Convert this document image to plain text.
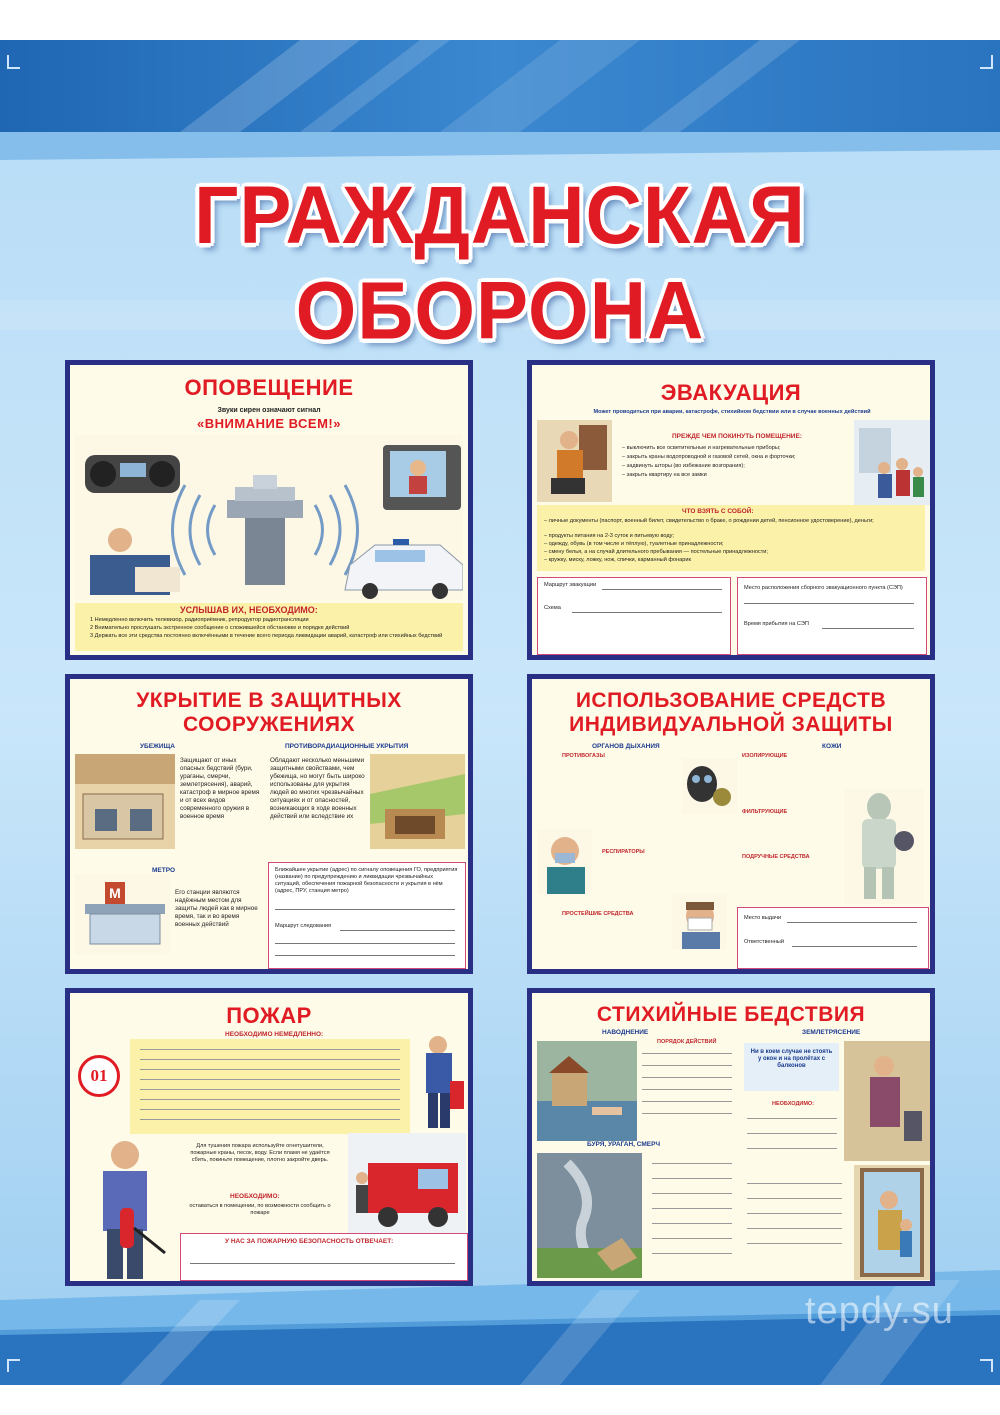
ГРАЖДАНСКАЯ ОБОРОНА
ОПОВЕЩЕНИЕ
Звуки сирен означают сигнал
«ВНИМАНИЕ ВСЕМ!»
УСЛЫШАВ ИХ, НЕОБХОДИМО:
1 Немедленно включить телевизор, радиоприёмник, репродуктор радиотрансляции
2 Внимательно прослушать экстренное сообщение о сложившейся обстановке и порядке действий
3 Держать все эти средства постоянно включёнными в течение всего периода ликвидации аварий, катастроф или стихийных бедствий
ЭВАКУАЦИЯ
Может проводиться при аварии, катастрофе, стихийном бедствии или в случае военных действий
ПРЕЖДЕ ЧЕМ ПОКИНУТЬ ПОМЕЩЕНИЕ:
– выключить все осветительные и нагревательные приборы;
– закрыть краны водопроводной и газовой сетей, окна и форточки;
– задвинуть шторы (во избежание возгорания);
– закрыть квартиру на все замки
ЧТО ВЗЯТЬ С СОБОЙ:
– личные документы (паспорт, военный билет, свидетельство о браке, о рождении детей, пенсионное удостоверение), деньги;
– продукты питания на 2-3 суток и питьевую воду;
– одежду, обувь (в том числе и тёплую), туалетные принадлежности;
– смену белья, а на случай длительного пребывания — постельные принадлежности;
– кружку, миску, ложку, нож, спички, карманный фонарик
Маршрут эвакуации
Схема
Место расположения сборного эвакуационного пункта (СЭП)
Время прибытия на СЭП
УКРЫТИЕ В ЗАЩИТНЫХ
СООРУЖЕНИЯХ
УБЕЖИЩА	ПРОТИВОРАДИАЦИОННЫЕ УКРЫТИЯ
Защищают от иных опасных бедствий (бури, ураганы, смерчи, землетрясения), аварий, катастроф в мирное время и от всех видов современного оружия в военное время
Обладают несколько меньшими защитными свойствами, чем убежища, но могут быть широко использованы для укрытия людей во многих чрезвычайных ситуациях и от опасностей, возникающих в ходе военных действий или вследствие их
МЕТРО
М	Его станции являются надёжным местом для защиты людей как в мирное время, так и во время военных действий
Ближайшее укрытие (адрес) по сигналу оповещения ГО, предприятия (название) по предупреждению и ликвидации чрезвычайных ситуаций, обеспечения пожарной безопасности и укрытия в нём (адрес, ПРУ, станция метро)
Маршрут следования
ИСПОЛЬЗОВАНИЕ СРЕДСТВ
ИНДИВИДУАЛЬНОЙ ЗАЩИТЫ
ОРГАНОВ ДЫХАНИЯ	КОЖИ
ПРОТИВОГАЗЫ	ИЗОЛИРУЮЩИЕ
РЕСПИРАТОРЫ
ПРОСТЕЙШИЕ СРЕДСТВА
ФИЛЬТРУЮЩИЕ
ПОДРУЧНЫЕ СРЕДСТВА
Место выдачи
Ответственный
ПОЖАР
НЕОБХОДИМО НЕМЕДЛЕННО:
01
Для тушения пожара используйте огнетушители, пожарные краны, песок, воду. Если пламя не удаётся сбить, покиньте помещение, плотно закройте дверь.
НЕОБХОДИМО:
оставаться в помещении, по возможности сообщить о пожаре
У НАС ЗА ПОЖАРНУЮ БЕЗОПАСНОСТЬ ОТВЕЧАЕТ:
СТИХИЙНЫЕ БЕДСТВИЯ
НАВОДНЕНИЕ	ЗЕМЛЕТРЯСЕНИЕ
ПОРЯДОК ДЕЙСТВИЙ
БУРЯ, УРАГАН, СМЕРЧ
Ни в коем случае не стоять у окон и на пролётах с балконов
НЕОБХОДИМО:
tepdy.su
